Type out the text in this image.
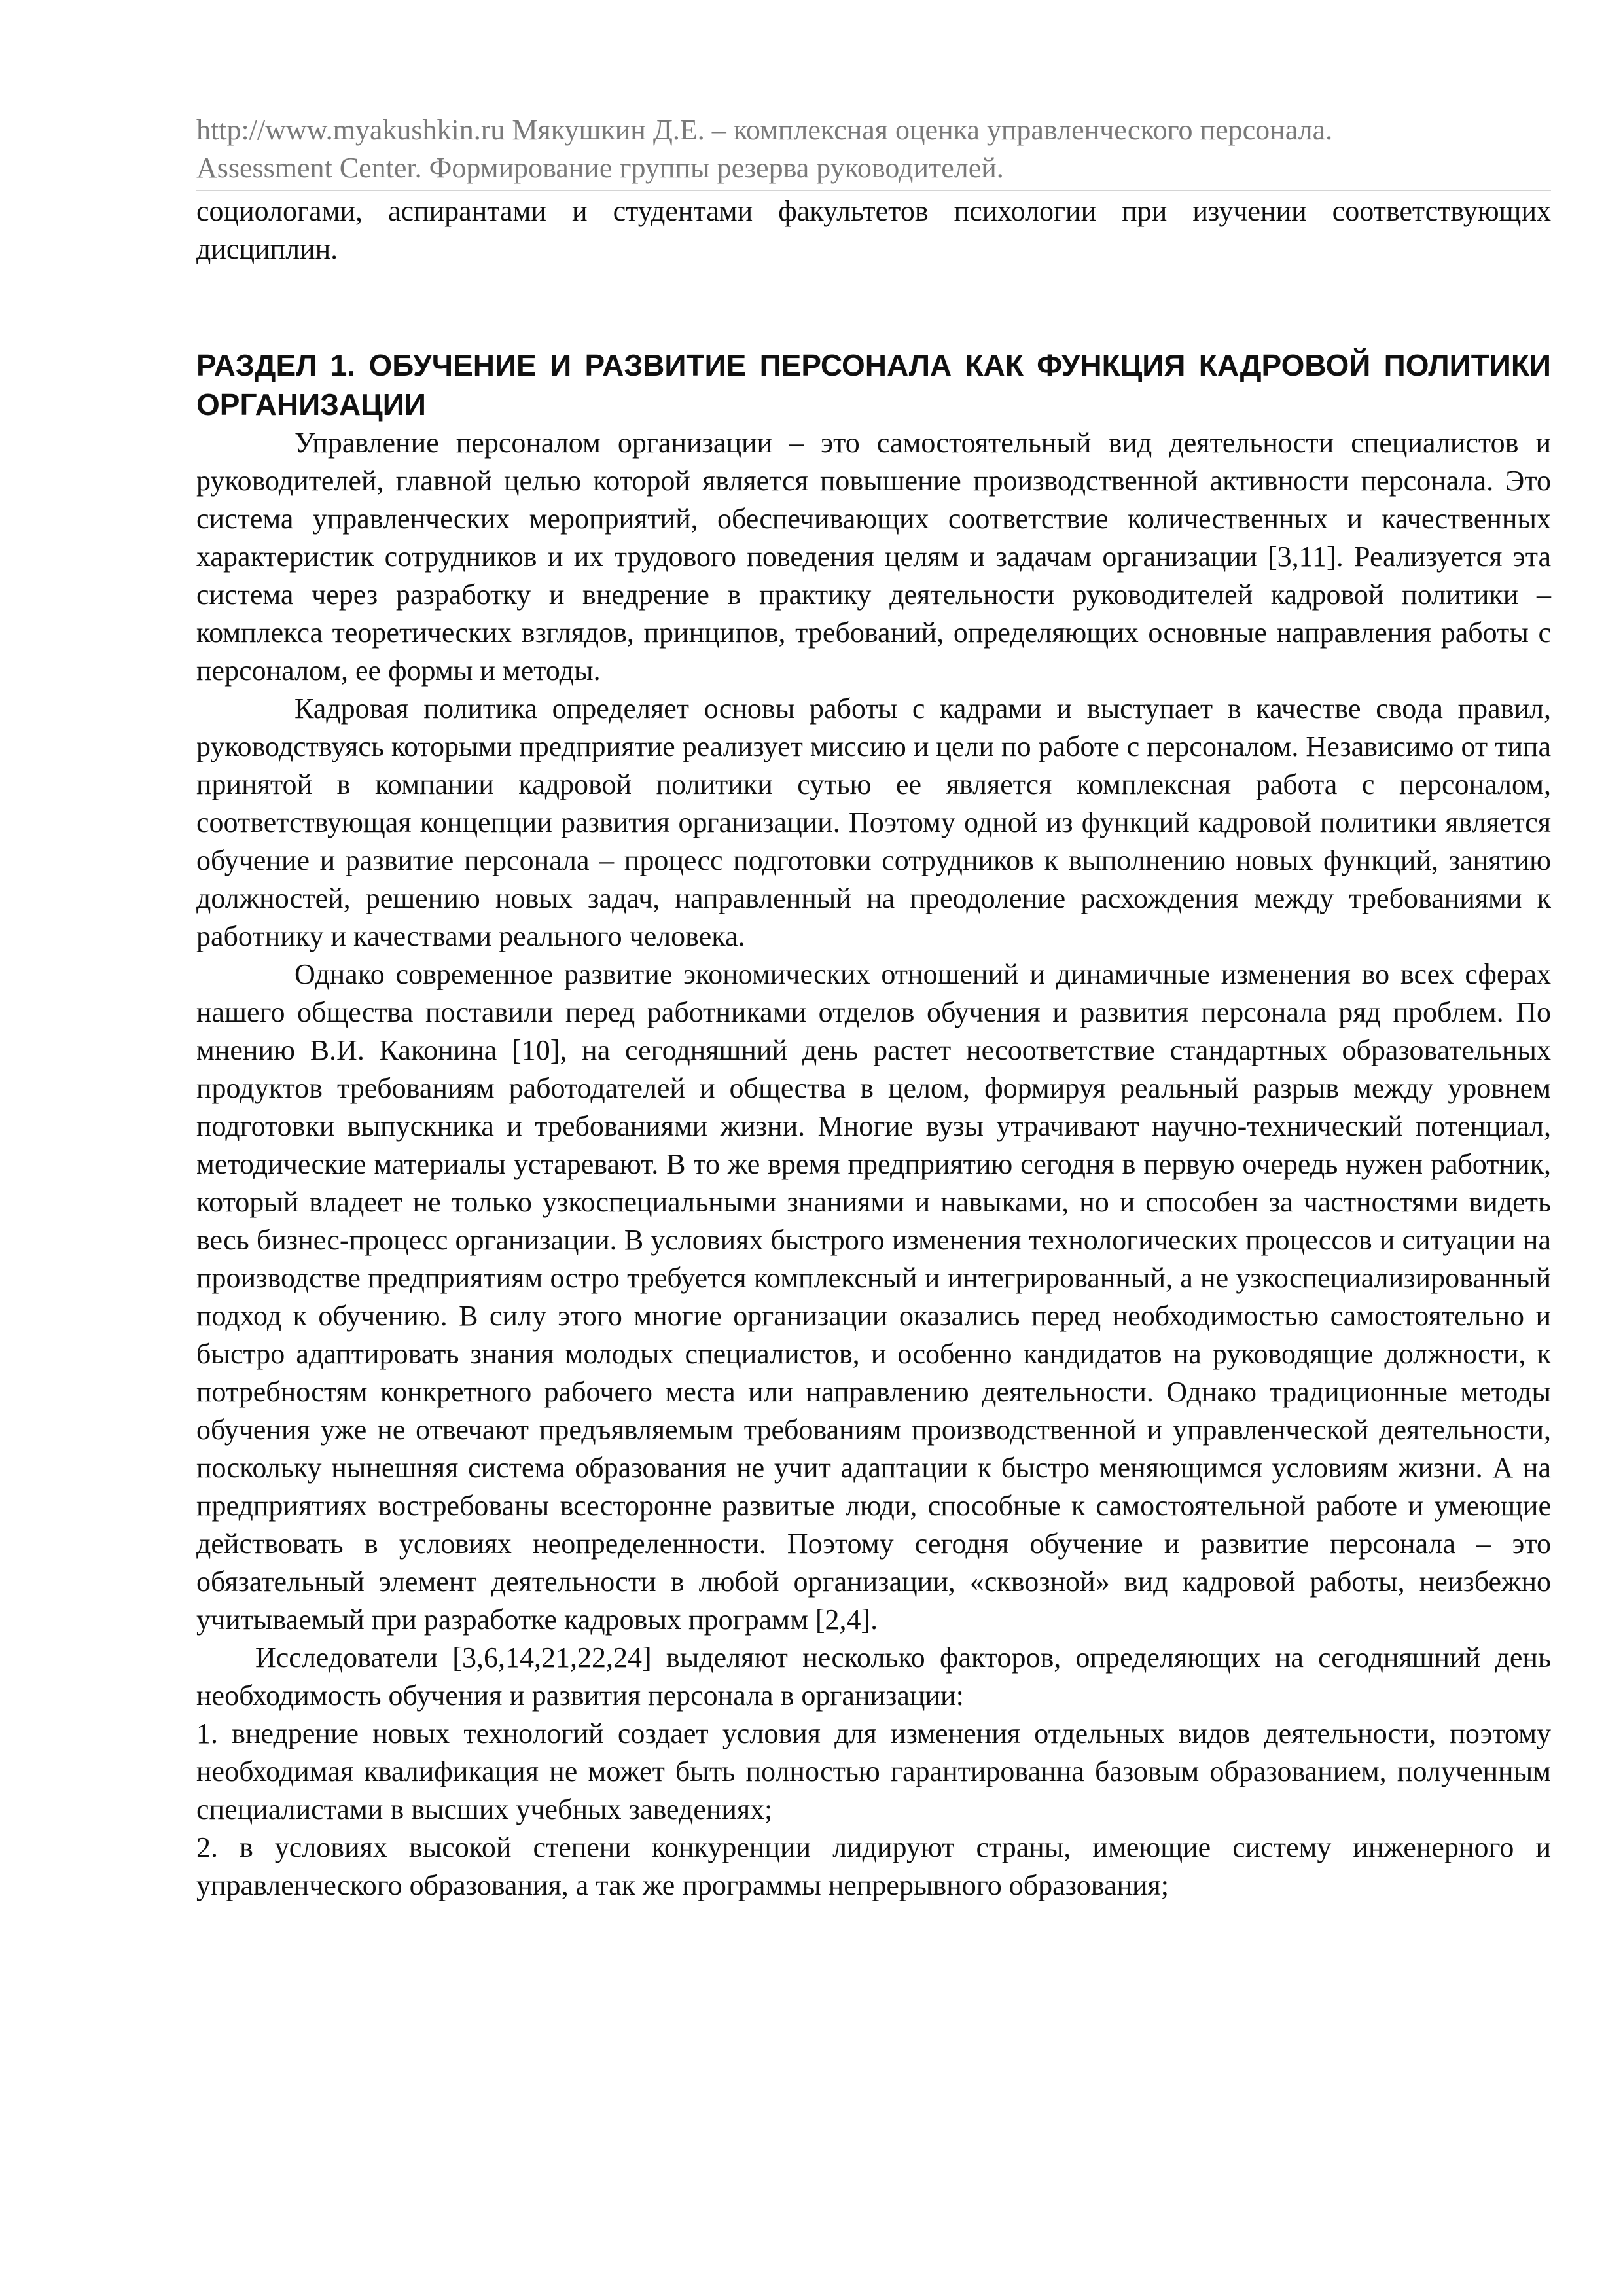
http://www.myakushkin.ru Мякушкин Д.Е. – комплексная оценка управленческого персонала.
Assessment Center. Формирование группы резерва руководителей.

социологами, аспирантами и студентами факультетов психологии при изучении соответствующих дисциплин.

РАЗДЕЛ 1. ОБУЧЕНИЕ И РАЗВИТИЕ ПЕРСОНАЛА КАК ФУНКЦИЯ КАДРОВОЙ ПОЛИТИКИ ОРГАНИЗАЦИИ

Управление персоналом организации – это самостоятельный вид деятельности специалистов и руководителей, главной целью которой является повышение производственной активности персонала. Это система управленческих мероприятий, обеспечивающих соответствие количественных и качественных характеристик сотрудников и их трудового поведения целям и задачам организации [3,11]. Реализуется эта система через разработку и внедрение в практику деятельности руководителей кадровой политики – комплекса теоретических взглядов, принципов, требований, определяющих основные направления работы с персоналом, ее формы и методы.

Кадровая политика определяет основы работы с кадрами и выступает в качестве свода правил, руководствуясь которыми предприятие реализует миссию и цели по работе с персоналом. Независимо от типа принятой в компании кадровой политики сутью ее является комплексная работа с персоналом, соответствующая концепции развития организации. Поэтому одной из функций кадровой политики является обучение и развитие персонала – процесс подготовки сотрудников к выполнению новых функций, занятию должностей, решению новых задач, направленный на преодоление расхождения между требованиями к работнику и качествами реального человека.

Однако современное развитие экономических отношений и динамичные изменения во всех сферах нашего общества поставили перед работниками отделов обучения и развития персонала ряд проблем. По мнению В.И. Каконина [10], на сегодняшний день растет несоответствие стандартных образовательных продуктов требованиям работодателей и общества в целом, формируя реальный разрыв между уровнем подготовки выпускника и требованиями жизни. Многие вузы утрачивают научно-технический потенциал, методические материалы устаревают. В то же время предприятию сегодня в первую очередь нужен работник, который владеет не только узкоспециальными знаниями и навыками, но и способен за частностями видеть весь бизнес-процесс организации. В условиях быстрого изменения технологических процессов и ситуации на производстве предприятиям остро требуется комплексный и интегрированный, а не узкоспециализированный подход к обучению. В силу этого многие организации оказались перед необходимостью самостоятельно и быстро адаптировать знания молодых специалистов, и особенно кандидатов на руководящие должности, к потребностям конкретного рабочего места или направлению деятельности. Однако традиционные методы обучения уже не отвечают предъявляемым требованиям производственной и управленческой деятельности, поскольку нынешняя система образования не учит адаптации к быстро меняющимся условиям жизни. А на предприятиях востребованы всесторонне развитые люди, способные к самостоятельной работе и умеющие действовать в условиях неопределенности. Поэтому сегодня обучение и развитие персонала – это обязательный элемент деятельности в любой организации, «сквозной» вид кадровой работы, неизбежно учитываемый при разработке кадровых программ [2,4].

Исследователи [3,6,14,21,22,24] выделяют несколько факторов, определяющих на сегодняшний день необходимость обучения и развития персонала в организации:

1. внедрение новых технологий создает условия для изменения отдельных видов деятельности, поэтому необходимая квалификация не может быть полностью гарантированна базовым образованием, полученным специалистами в высших учебных заведениях;

2. в условиях высокой степени конкуренции лидируют страны, имеющие систему инженерного и управленческого образования, а так же программы непрерывного образования;
